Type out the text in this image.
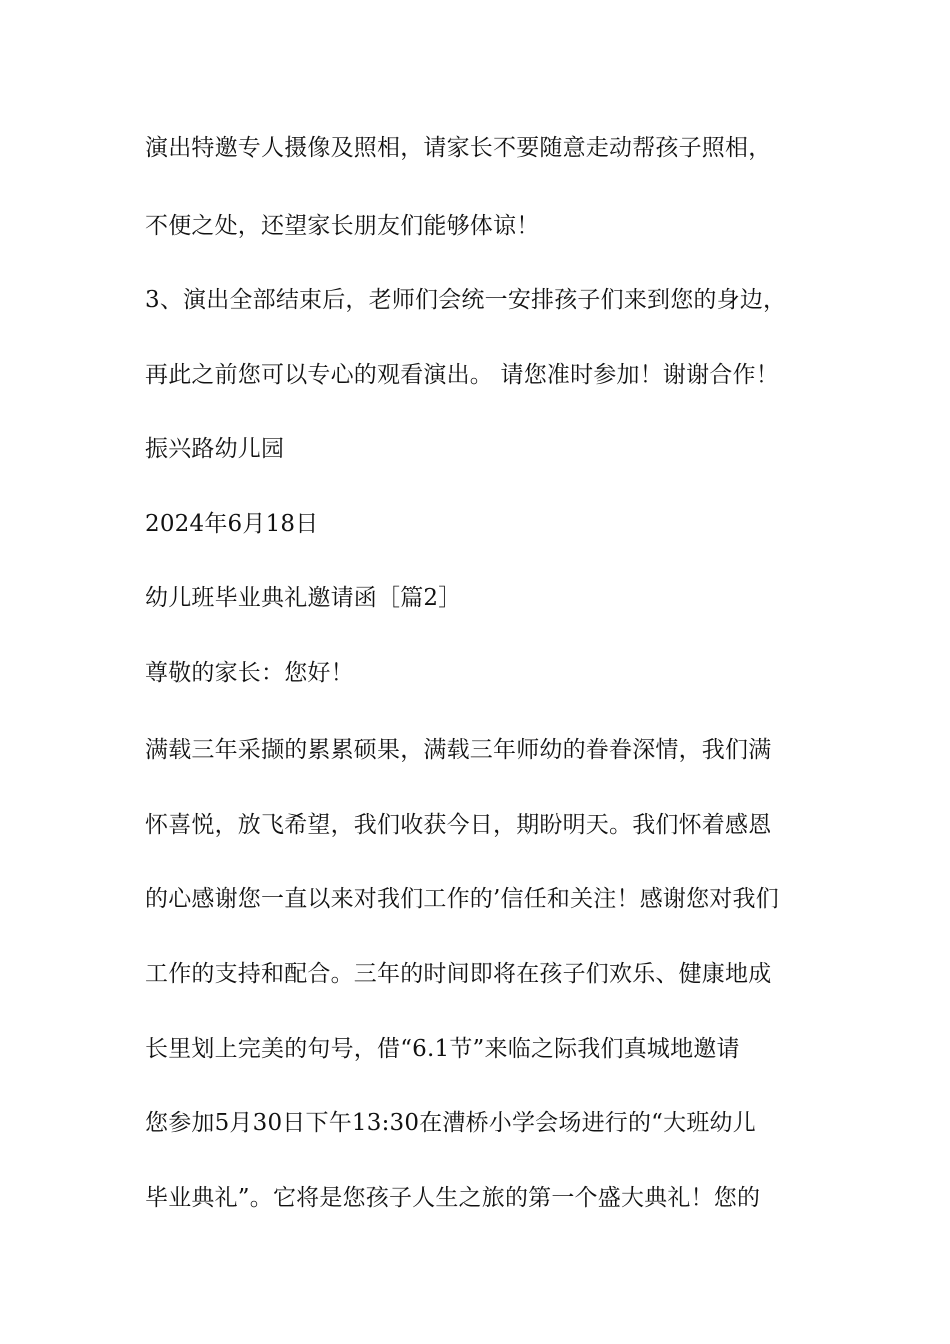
演出特邀专人摄像及照相，请家长不要随意走动帮孩子照相，
不便之处，还望家长朋友们能够体谅！
3、演出全部结束后，老师们会统一安排孩子们来到您的身边，
再此之前您可以专心的观看演出。 请您准时参加！谢谢合作！
振兴路幼儿园
2024年6月18日
幼儿班毕业典礼邀请函［篇2］
尊敬的家长：您好！
满载三年采撷的累累硕果，满载三年师幼的眷眷深情，我们满
怀喜悦，放飞希望，我们收获今日，期盼明天。我们怀着感恩
的心感谢您一直以来对我们工作的’信任和关注！感谢您对我们
工作的支持和配合。三年的时间即将在孩子们欢乐、健康地成
长里划上完美的句号，借“6.1节”来临之际我们真城地邀请
您参加5月30日下午13:30在漕桥小学会场进行的“大班幼儿
毕业典礼”。它将是您孩子人生之旅的第一个盛大典礼！您的
